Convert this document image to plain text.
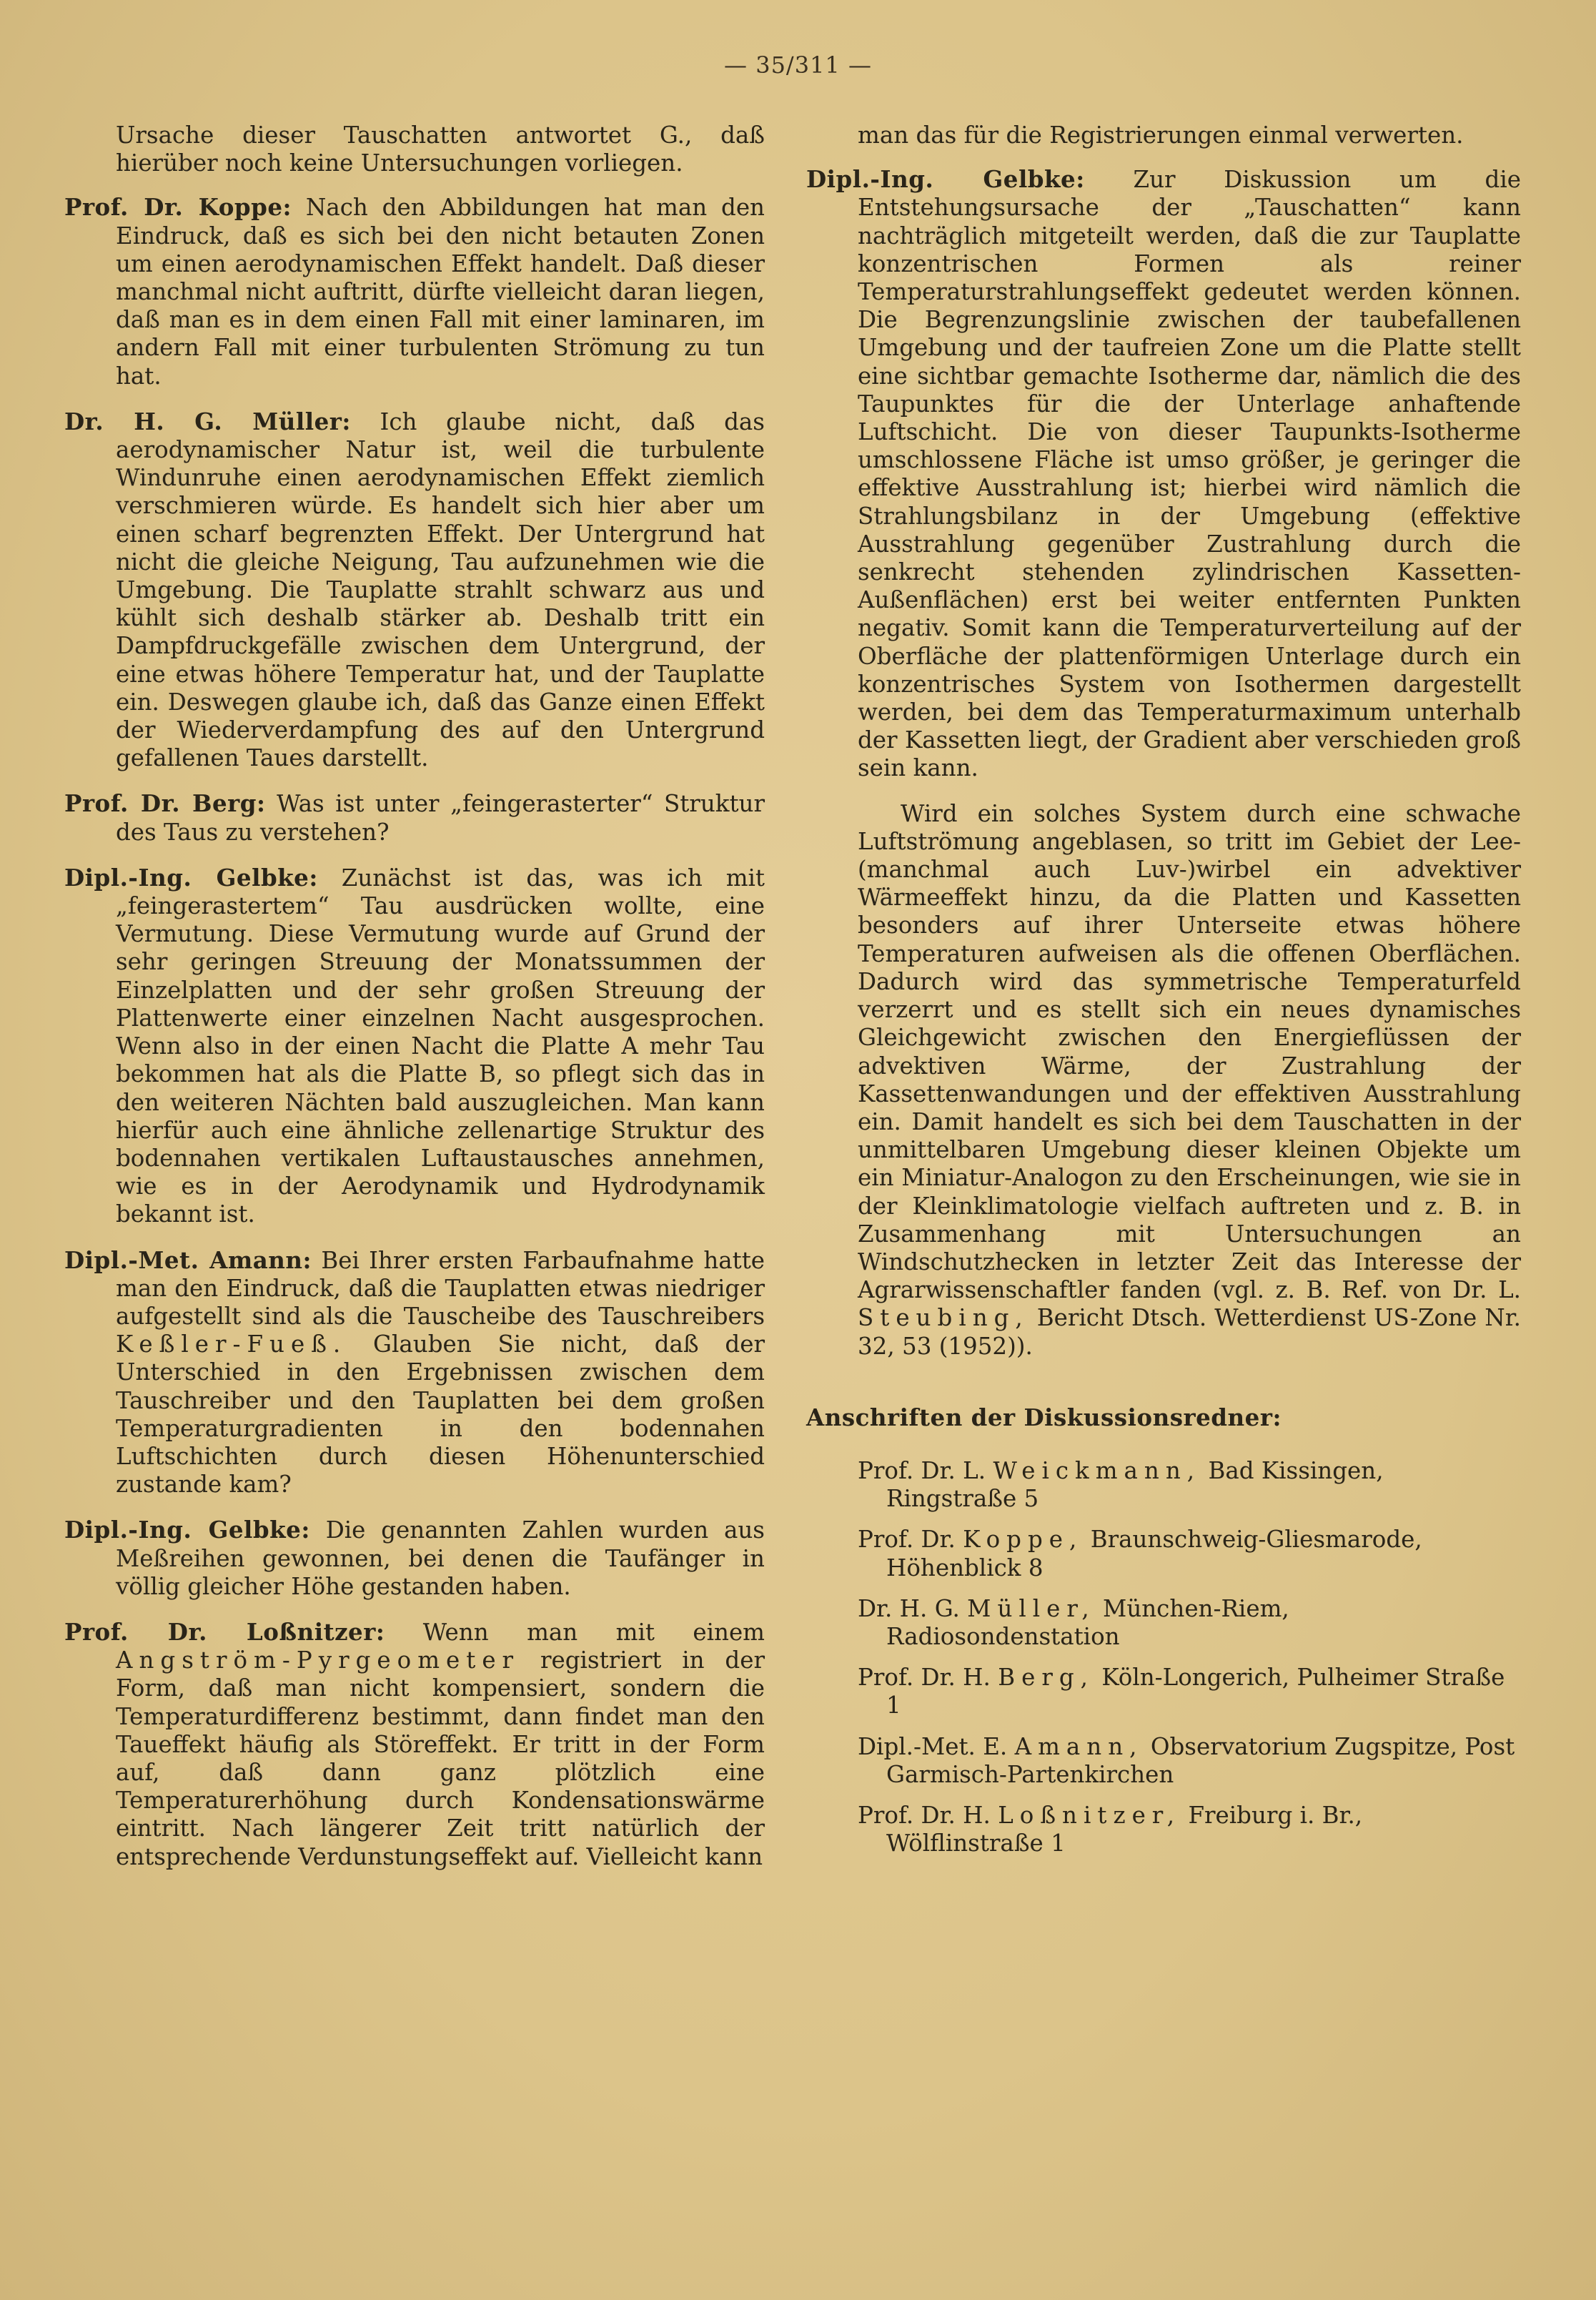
— 35/311 —

Ursache dieser Tauschatten antwortet G., daß hierüber noch keine Untersuchungen vorliegen.

Prof. Dr. Koppe: Nach den Abbildungen hat man den Eindruck, daß es sich bei den nicht betauten Zonen um einen aerodynamischen Effekt handelt. Daß dieser manchmal nicht auftritt, dürfte vielleicht daran liegen, daß man es in dem einen Fall mit einer laminaren, im andern Fall mit einer turbulenten Strömung zu tun hat.

Dr. H. G. Müller: Ich glaube nicht, daß das aerodynamischer Natur ist, weil die turbulente Windunruhe einen aerodynamischen Effekt ziemlich verschmieren würde. Es handelt sich hier aber um einen scharf begrenzten Effekt. Der Untergrund hat nicht die gleiche Neigung, Tau aufzunehmen wie die Umgebung. Die Tauplatte strahlt schwarz aus und kühlt sich deshalb stärker ab. Deshalb tritt ein Dampfdruckgefälle zwischen dem Untergrund, der eine etwas höhere Temperatur hat, und der Tauplatte ein. Deswegen glaube ich, daß das Ganze einen Effekt der Wiederverdampfung des auf den Untergrund gefallenen Taues darstellt.

Prof. Dr. Berg: Was ist unter „feingerasterter“ Struktur des Taus zu verstehen?

Dipl.-Ing. Gelbke: Zunächst ist das, was ich mit „feingerastertem“ Tau ausdrücken wollte, eine Vermutung. Diese Vermutung wurde auf Grund der sehr geringen Streuung der Monatssummen der Einzelplatten und der sehr großen Streuung der Plattenwerte einer einzelnen Nacht ausgesprochen. Wenn also in der einen Nacht die Platte A mehr Tau bekommen hat als die Platte B, so pflegt sich das in den weiteren Nächten bald auszugleichen. Man kann hierfür auch eine ähnliche zellenartige Struktur des bodennahen vertikalen Luftaustausches annehmen, wie es in der Aerodynamik und Hydrodynamik bekannt ist.

Dipl.-Met. Amann: Bei Ihrer ersten Farbaufnahme hatte man den Eindruck, daß die Tauplatten etwas niedriger aufgestellt sind als die Tauscheibe des Tauschreibers Keßler-Fueß. Glauben Sie nicht, daß der Unterschied in den Ergebnissen zwischen dem Tauschreiber und den Tauplatten bei dem großen Temperaturgradienten in den bodennahen Luftschichten durch diesen Höhenunterschied zustande kam?

Dipl.-Ing. Gelbke: Die genannten Zahlen wurden aus Meßreihen gewonnen, bei denen die Taufänger in völlig gleicher Höhe gestanden haben.

Prof. Dr. Loßnitzer: Wenn man mit einem Angström-Pyrgeometer registriert in der Form, daß man nicht kompensiert, sondern die Temperaturdifferenz bestimmt, dann findet man den Taueffekt häufig als Störeffekt. Er tritt in der Form auf, daß dann ganz plötzlich eine Temperaturerhöhung durch Kondensationswärme eintritt. Nach längerer Zeit tritt natürlich der entsprechende Verdunstungseffekt auf. Vielleicht kann

man das für die Registrierungen einmal verwerten.

Dipl.-Ing. Gelbke: Zur Diskussion um die Entstehungsursache der „Tauschatten“ kann nachträglich mitgeteilt werden, daß die zur Tauplatte konzentrischen Formen als reiner Temperaturstrahlungseffekt gedeutet werden können. Die Begrenzungslinie zwischen der taubefallenen Umgebung und der taufreien Zone um die Platte stellt eine sichtbar gemachte Isotherme dar, nämlich die des Taupunktes für die der Unterlage anhaftende Luftschicht. Die von dieser Taupunkts-Isotherme umschlossene Fläche ist umso größer, je geringer die effektive Ausstrahlung ist; hierbei wird nämlich die Strahlungsbilanz in der Umgebung (effektive Ausstrahlung gegenüber Zustrahlung durch die senkrecht stehenden zylindrischen Kassetten-Außenflächen) erst bei weiter entfernten Punkten negativ. Somit kann die Temperaturverteilung auf der Oberfläche der plattenförmigen Unterlage durch ein konzentrisches System von Isothermen dargestellt werden, bei dem das Temperaturmaximum unterhalb der Kassetten liegt, der Gradient aber verschieden groß sein kann.

Wird ein solches System durch eine schwache Luftströmung angeblasen, so tritt im Gebiet der Lee- (manchmal auch Luv-)wirbel ein advektiver Wärmeeffekt hinzu, da die Platten und Kassetten besonders auf ihrer Unterseite etwas höhere Temperaturen aufweisen als die offenen Oberflächen. Dadurch wird das symmetrische Temperaturfeld verzerrt und es stellt sich ein neues dynamisches Gleichgewicht zwischen den Energieflüssen der advektiven Wärme, der Zustrahlung der Kassettenwandungen und der effektiven Ausstrahlung ein. Damit handelt es sich bei dem Tauschatten in der unmittelbaren Umgebung dieser kleinen Objekte um ein Miniatur-Analogon zu den Erscheinungen, wie sie in der Kleinklimatologie vielfach auftreten und z. B. in Zusammenhang mit Untersuchungen an Windschutzhecken in letzter Zeit das Interesse der Agrarwissenschaftler fanden (vgl. z. B. Ref. von Dr. L. Steubing, Bericht Dtsch. Wetterdienst US-Zone Nr. 32, 53 (1952)).

Anschriften der Diskussionsredner:
Prof. Dr. L. Weickmann, Bad Kissingen, Ringstraße 5
Prof. Dr. Koppe, Braunschweig-Gliesmarode, Höhenblick 8
Dr. H. G. Müller, München-Riem, Radiosondenstation
Prof. Dr. H. Berg, Köln-Longerich, Pulheimer Straße 1
Dipl.-Met. E. Amann, Observatorium Zugspitze, Post Garmisch-Partenkirchen
Prof. Dr. H. Loßnitzer, Freiburg i. Br., Wölflinstraße 1
